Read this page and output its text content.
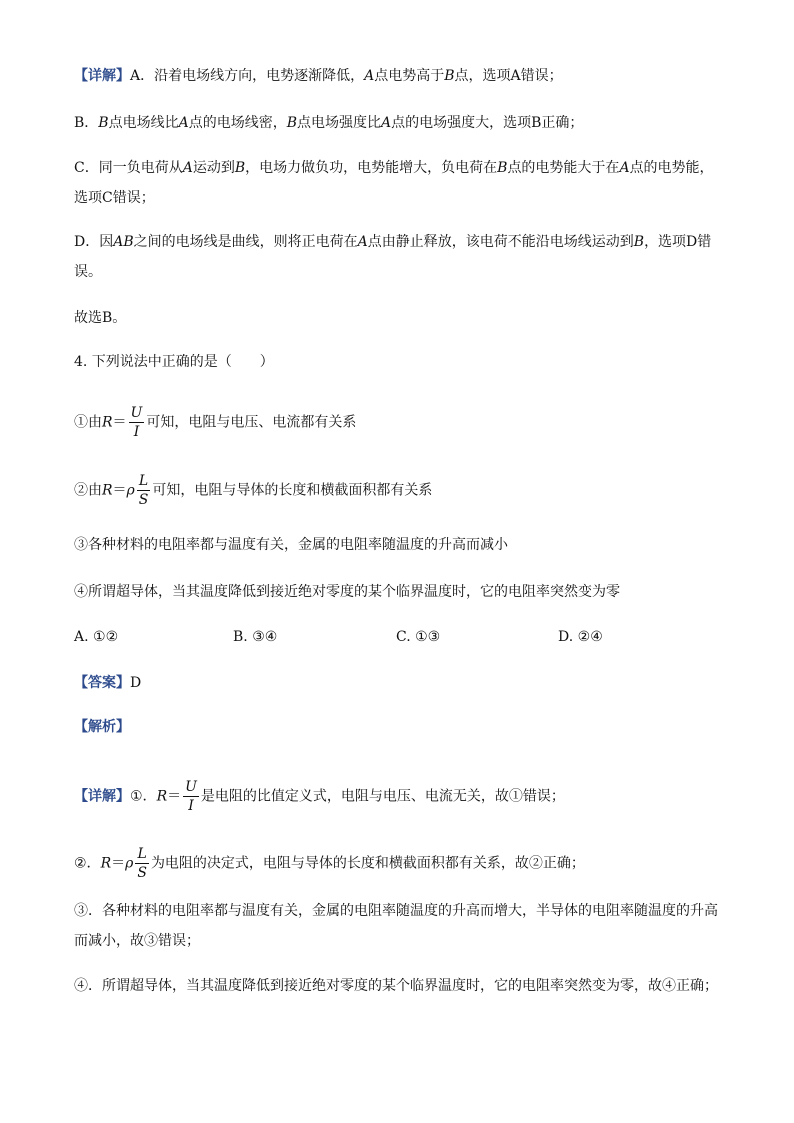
【详解】A．沿着电场线方向，电势逐渐降低，A点电势高于B点，选项A错误；
B．B点电场线比A点的电场线密，B点电场强度比A点的电场强度大，选项B正确；
C．同一负电荷从A运动到B，电场力做负功，电势能增大，负电荷在B点的电势能大于在A点的电势能，
选项C错误；
D．因AB之间的电场线是曲线，则将正电荷在A点由静止释放，该电荷不能沿电场线运动到B，选项D错
误。
故选B。
4. 下列说法中正确的是（　　）
①由$R= \frac{U}{I}$ 可知，电阻与电压、电流都有关系
②由$R=\rho \frac{L}{S}$ 可知，电阻与导体的长度和横截面积都有关系
③各种材料的电阻率都与温度有关，金属的电阻率随温度的升高而减小
④所谓超导体，当其温度降低到接近绝对零度的某个临界温度时，它的电阻率突然变为零
A. ①②	B. ③④	C. ①③	D. ②④
【答案】D
【解析】
【详解】①．$R= \frac{U}{I}$ 是电阻的比值定义式，电阻与电压、电流无关，故①错误；
②．$R=\rho \frac{L}{S}$ 为电阻的决定式，电阻与导体的长度和横截面积都有关系，故②正确；
③．各种材料的电阻率都与温度有关，金属的电阻率随温度的升高而增大，半导体的电阻率随温度的升高
而减小，故③错误；
④．所谓超导体，当其温度降低到接近绝对零度的某个临界温度时，它的电阻率突然变为零，故④正确；
